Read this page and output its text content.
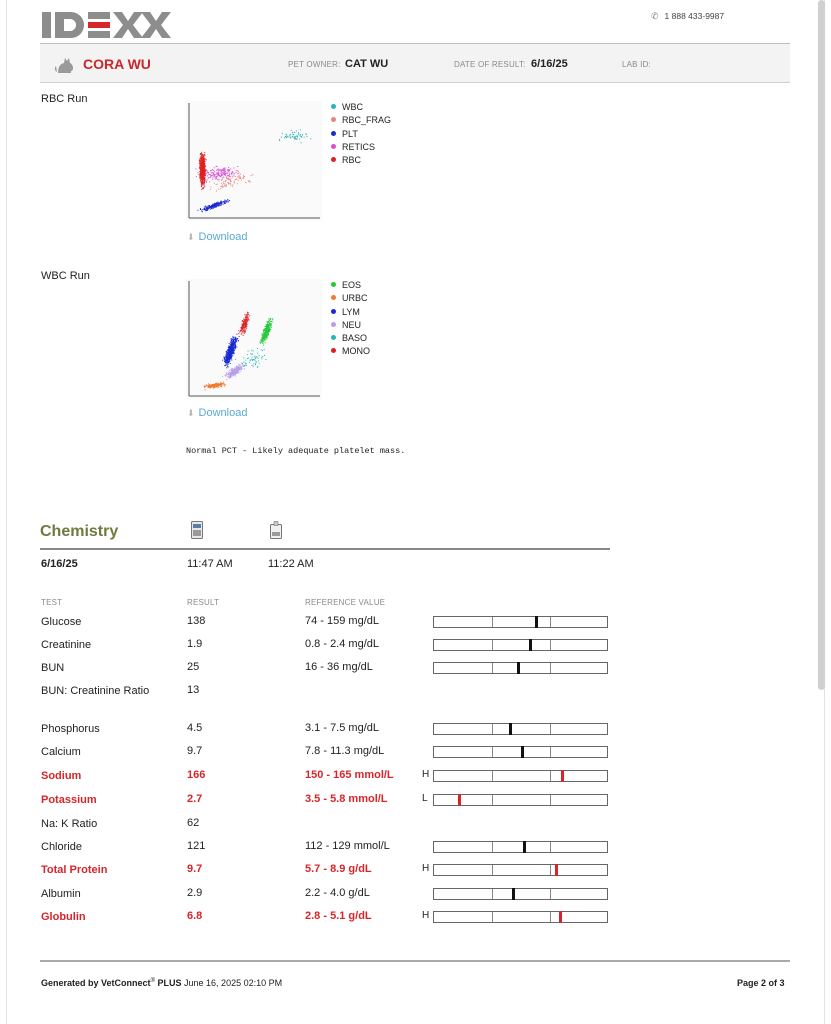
✆ 1 888 433-9987
CORA WU	PET OWNER: CAT WU	DATE OF RESULT: 6/16/25	LAB ID:
RBC Run
WBC
RBC_FRAG
PLT
RETICS
RBC
⬇ Download
WBC Run
EOS
URBC
LYM
NEU
BASO
MONO
⬇ Download
Normal PCT - Likely adequate platelet mass.
Chemistry
6/16/25	11:47 AM	11:22 AM
TEST	RESULT	REFERENCE VALUE
Glucose	138	74 - 159 mg/dL
Creatinine	1.9	0.8 - 2.4 mg/dL
BUN	25	16 - 36 mg/dL
BUN: Creatinine Ratio	13
Phosphorus	4.5	3.1 - 7.5 mg/dL
Calcium	9.7	7.8 - 11.3 mg/dL
Sodium	166	150 - 165 mmol/L	H
Potassium	2.7	3.5 - 5.8 mmol/L	L
Na: K Ratio	62
Chloride	121	112 - 129 mmol/L
Total Protein	9.7	5.7 - 8.9 g/dL	H
Albumin	2.9	2.2 - 4.0 g/dL
Globulin	6.8	2.8 - 5.1 g/dL	H
Generated by VetConnect® PLUS June 16, 2025 02:10 PM	Page 2 of 3
